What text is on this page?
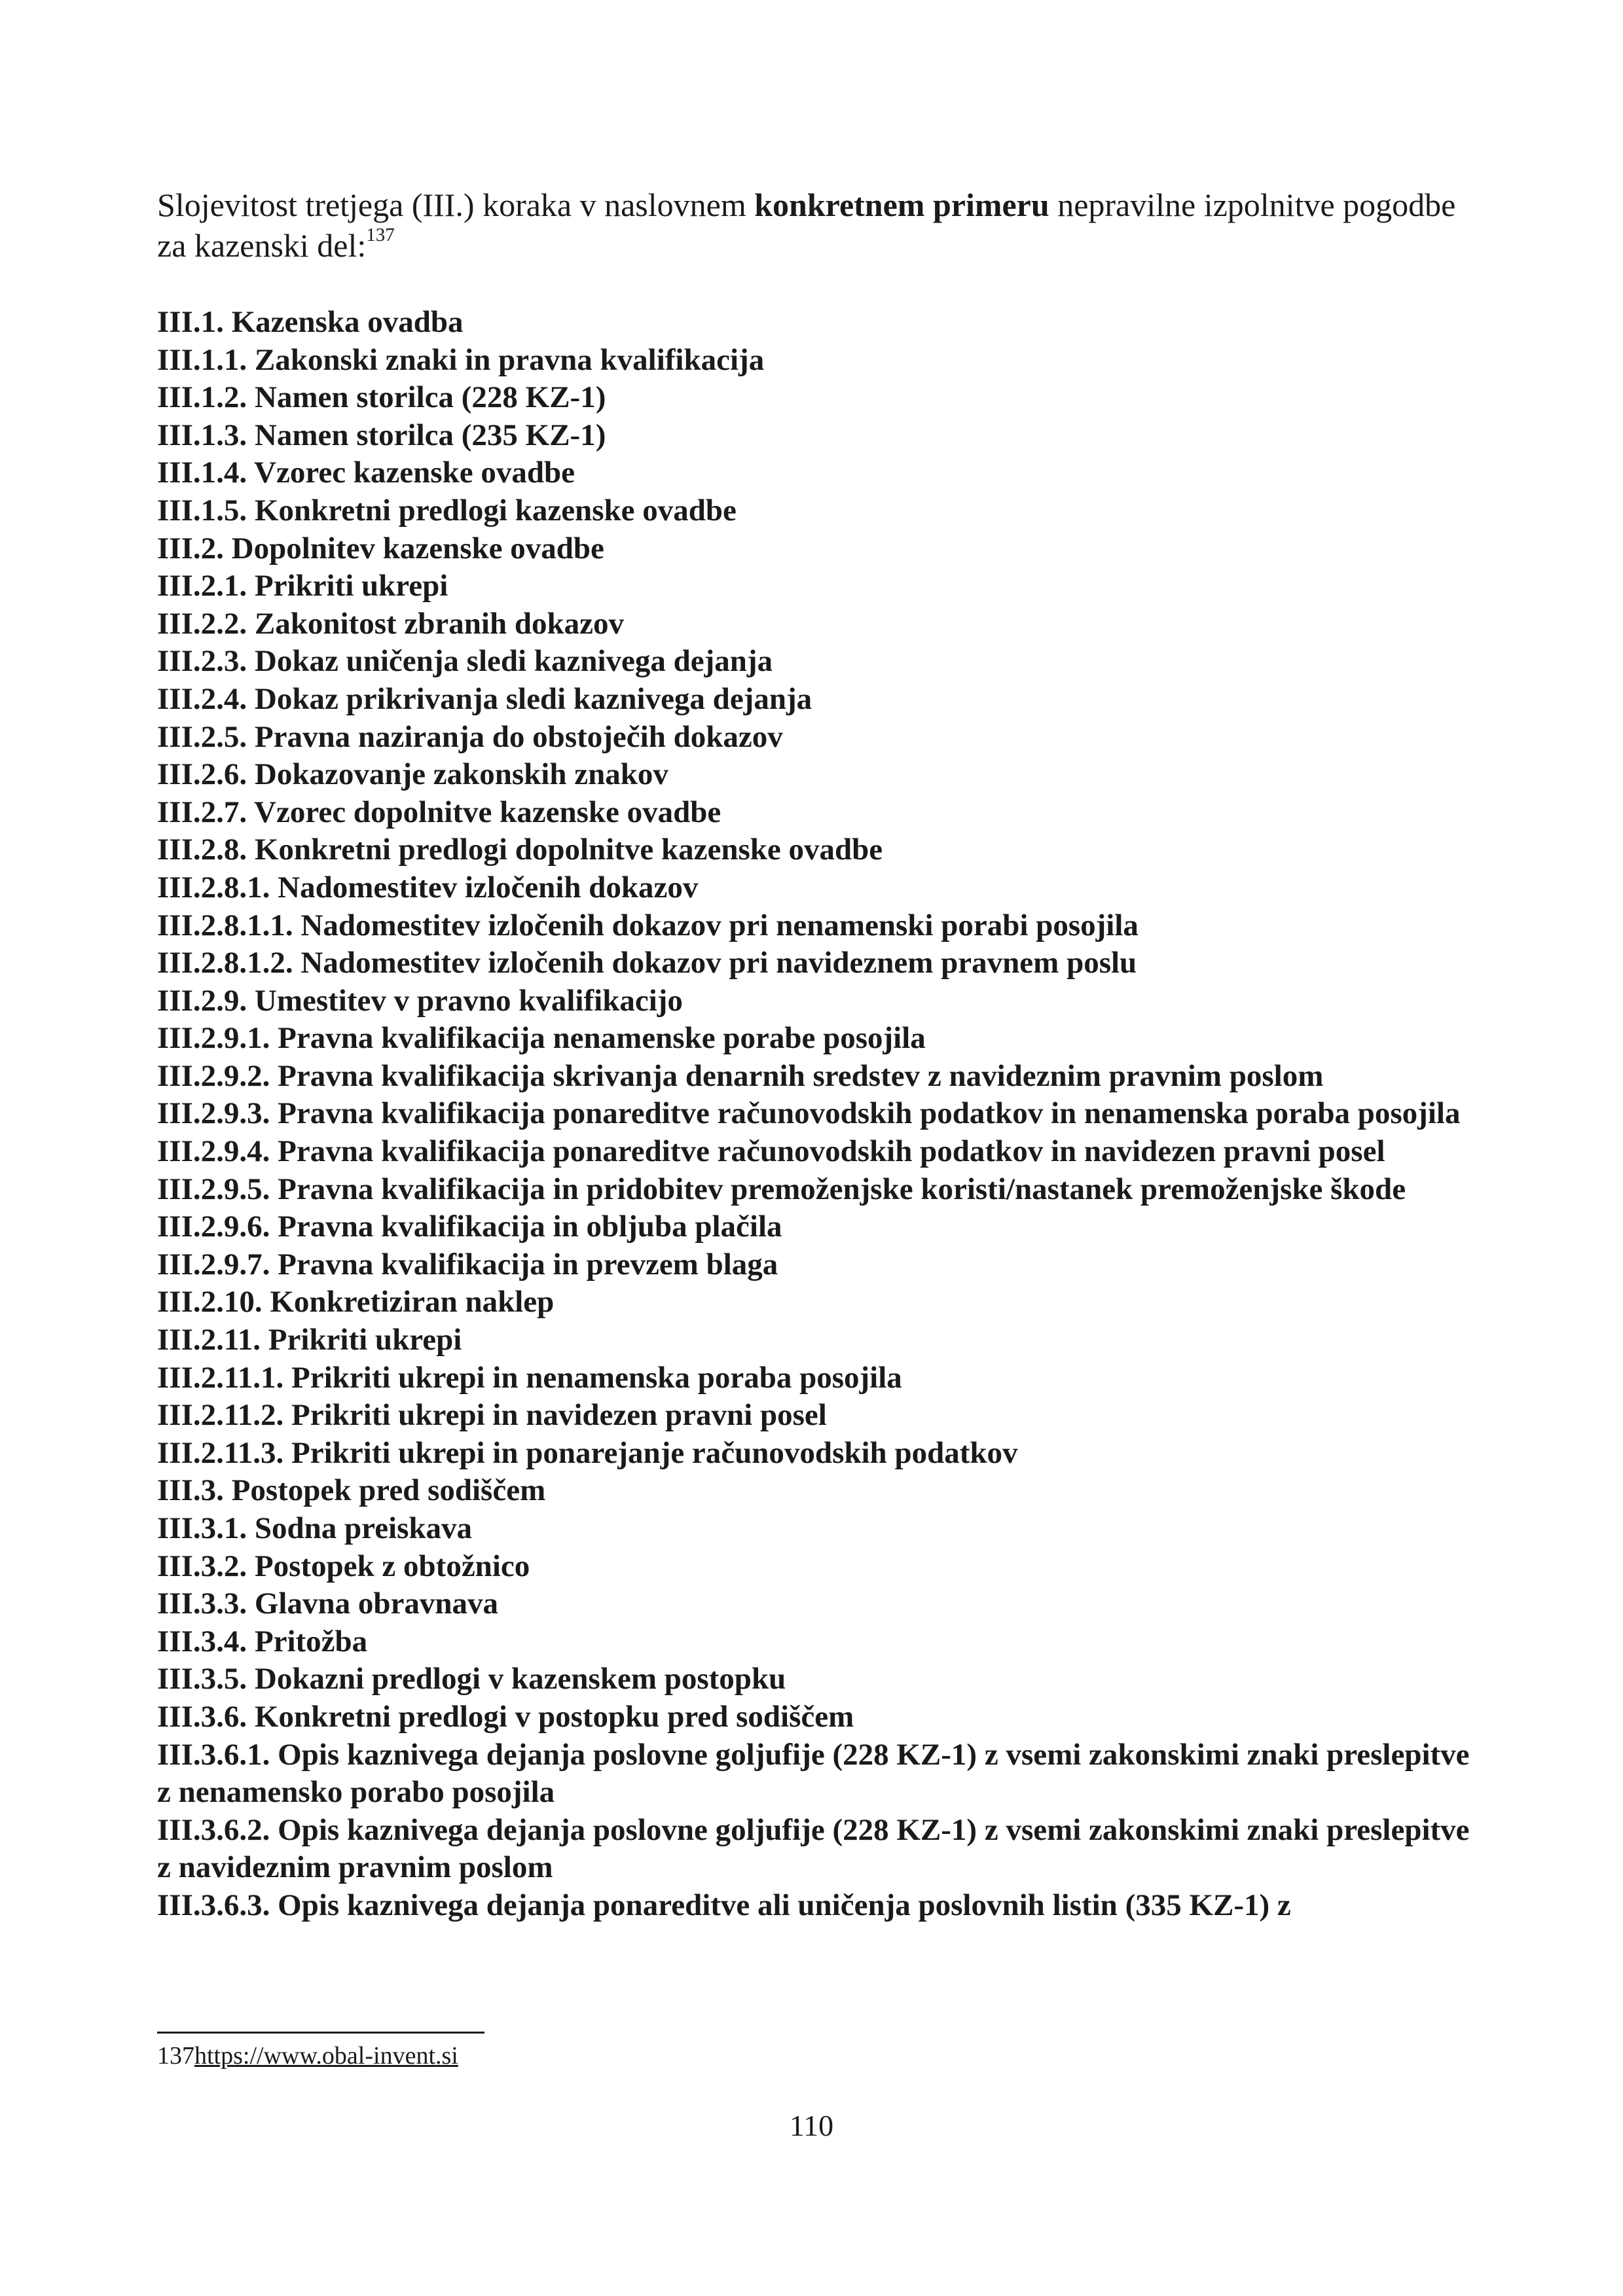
Slojevitost tretjega (III.) koraka v naslovnem konkretnem primeru nepravilne izpolnitve pogodbe za kazenski del:$^{137}$

III.1. Kazenska ovadba
III.1.1. Zakonski znaki in pravna kvalifikacija
III.1.2. Namen storilca (228 KZ-1)
III.1.3. Namen storilca (235 KZ-1)
III.1.4. Vzorec kazenske ovadbe
III.1.5. Konkretni predlogi kazenske ovadbe
III.2. Dopolnitev kazenske ovadbe
III.2.1. Prikriti ukrepi
III.2.2. Zakonitost zbranih dokazov
III.2.3. Dokaz uničenja sledi kaznivega dejanja
III.2.4. Dokaz prikrivanja sledi kaznivega dejanja
III.2.5. Pravna naziranja do obstoječih dokazov
III.2.6. Dokazovanje zakonskih znakov
III.2.7. Vzorec dopolnitve kazenske ovadbe
III.2.8. Konkretni predlogi dopolnitve kazenske ovadbe
III.2.8.1. Nadomestitev izločenih dokazov
III.2.8.1.1. Nadomestitev izločenih dokazov pri nenamenski porabi posojila
III.2.8.1.2. Nadomestitev izločenih dokazov pri navideznem pravnem poslu
III.2.9. Umestitev v pravno kvalifikacijo
III.2.9.1. Pravna kvalifikacija nenamenske porabe posojila
III.2.9.2. Pravna kvalifikacija skrivanja denarnih sredstev z navideznim pravnim poslom
III.2.9.3. Pravna kvalifikacija ponareditve računovodskih podatkov in nenamenska poraba posojila
III.2.9.4. Pravna kvalifikacija ponareditve računovodskih podatkov in navidezen pravni posel
III.2.9.5. Pravna kvalifikacija in pridobitev premoženjske koristi/nastanek premoženjske škode
III.2.9.6. Pravna kvalifikacija in obljuba plačila
III.2.9.7. Pravna kvalifikacija in prevzem blaga
III.2.10. Konkretiziran naklep
III.2.11. Prikriti ukrepi
III.2.11.1. Prikriti ukrepi in nenamenska poraba posojila
III.2.11.2. Prikriti ukrepi in navidezen pravni posel
III.2.11.3. Prikriti ukrepi in ponarejanje računovodskih podatkov
III.3. Postopek pred sodiščem
III.3.1. Sodna preiskava
III.3.2. Postopek z obtožnico
III.3.3. Glavna obravnava
III.3.4. Pritožba
III.3.5. Dokazni predlogi v kazenskem postopku
III.3.6. Konkretni predlogi v postopku pred sodiščem
III.3.6.1. Opis kaznivega dejanja poslovne goljufije (228 KZ-1) z vsemi zakonskimi znaki preslepitve z nenamensko porabo posojila
III.3.6.2. Opis kaznivega dejanja poslovne goljufije (228 KZ-1) z vsemi zakonskimi znaki preslepitve z navideznim pravnim poslom
III.3.6.3. Opis kaznivega dejanja ponareditve ali uničenja poslovnih listin (335 KZ-1) z
137https://www.obal-invent.si
110
